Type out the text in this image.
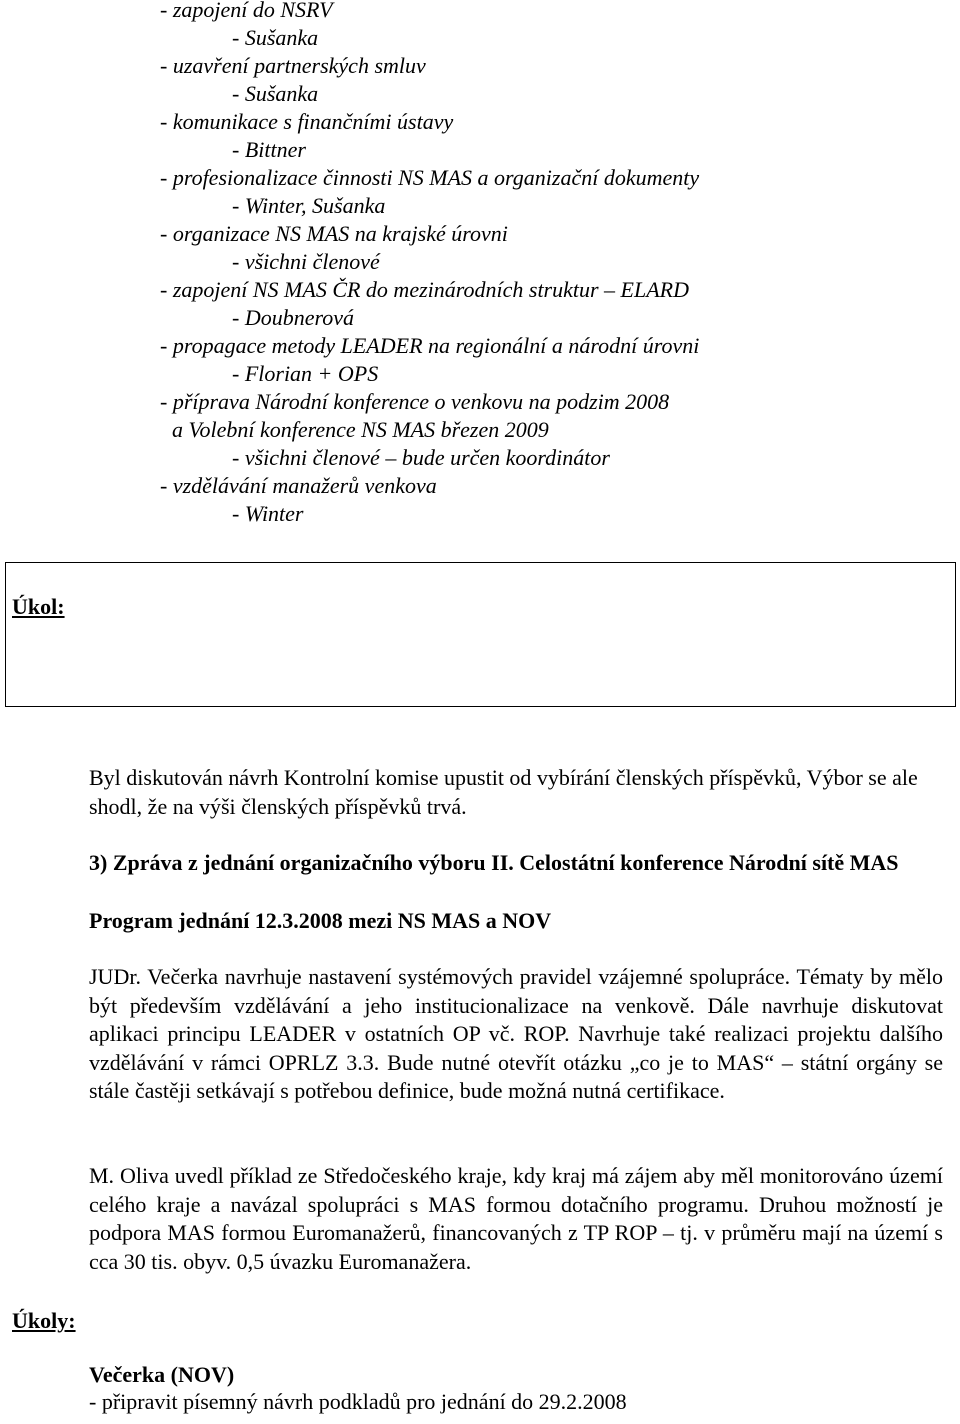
- zapojení do NSRV
- Sušanka
- uzavření partnerských smluv
- Sušanka
- komunikace s finančními ústavy
- Bittner
- profesionalizace činnosti NS MAS a organizační dokumenty
- Winter, Sušanka
- organizace NS MAS na krajské úrovni
- všichni členové
- zapojení NS MAS ČR do mezinárodních struktur – ELARD
- Doubnerová
- propagace metody LEADER na regionální a národní úrovni
- Florian + OPS
- příprava Národní konference o venkovu na podzim 2008
a Volební konference NS MAS březen 2009
- všichni členové – bude určen koordinátor
- vzdělávání manažerů venkova
- Winter
Úkol:
Byl diskutován návrh Kontrolní komise upustit od vybírání členských příspěvků, Výbor se ale shodl, že na výši členských příspěvků trvá.
3) Zpráva z jednání organizačního výboru II. Celostátní konference Národní sítě MAS
Program jednání 12.3.2008 mezi NS MAS a NOV
JUDr. Večerka navrhuje nastavení systémových pravidel vzájemné spolupráce. Tématy by mělo být především vzdělávání a jeho institucionalizace na venkově. Dále navrhuje diskutovat aplikaci principu LEADER v ostatních OP vč. ROP. Navrhuje také realizaci projektu dalšího vzdělávání v rámci OPRLZ 3.3. Bude nutné otevřít otázku „co je to MAS“ – státní orgány se stále častěji setkávají s potřebou definice, bude možná nutná certifikace.
M. Oliva uvedl příklad ze Středočeského kraje, kdy kraj má zájem aby měl monitorováno území celého kraje a navázal spolupráci s MAS formou dotačního programu. Druhou možností je podpora MAS formou Euromanažerů, financovaných z TP ROP – tj. v průměru mají na území s cca 30 tis. obyv. 0,5 úvazku Euromanažera.
Úkoly:
Večerka (NOV)
- připravit písemný návrh podkladů pro jednání do 29.2.2008
